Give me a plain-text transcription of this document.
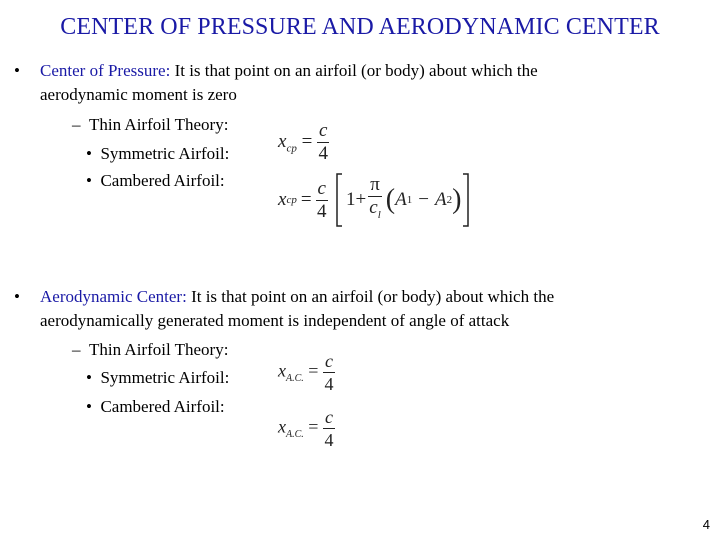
CENTER OF PRESSURE AND AERODYNAMIC CENTER
• Center of Pressure: It is that point on an airfoil (or body) about which the
aerodynamic moment is zero
– Thin Airfoil Theory:
• Symmetric Airfoil:
• Cambered Airfoil:
$x_{cp} = \frac{c}{4}$
x cp = $\frac{c}{4} 1+ \frac{\pi}{c_l}$ ( A 1 − A 2 )
• Aerodynamic Center: It is that point on an airfoil (or body) about which the
aerodynamically generated moment is independent of angle of attack
– Thin Airfoil Theory:
• Symmetric Airfoil:
• Cambered Airfoil:
$x_{A.C.} = \frac{c}{4}$
$x_{A.C.} = \frac{c}{4}$
4
